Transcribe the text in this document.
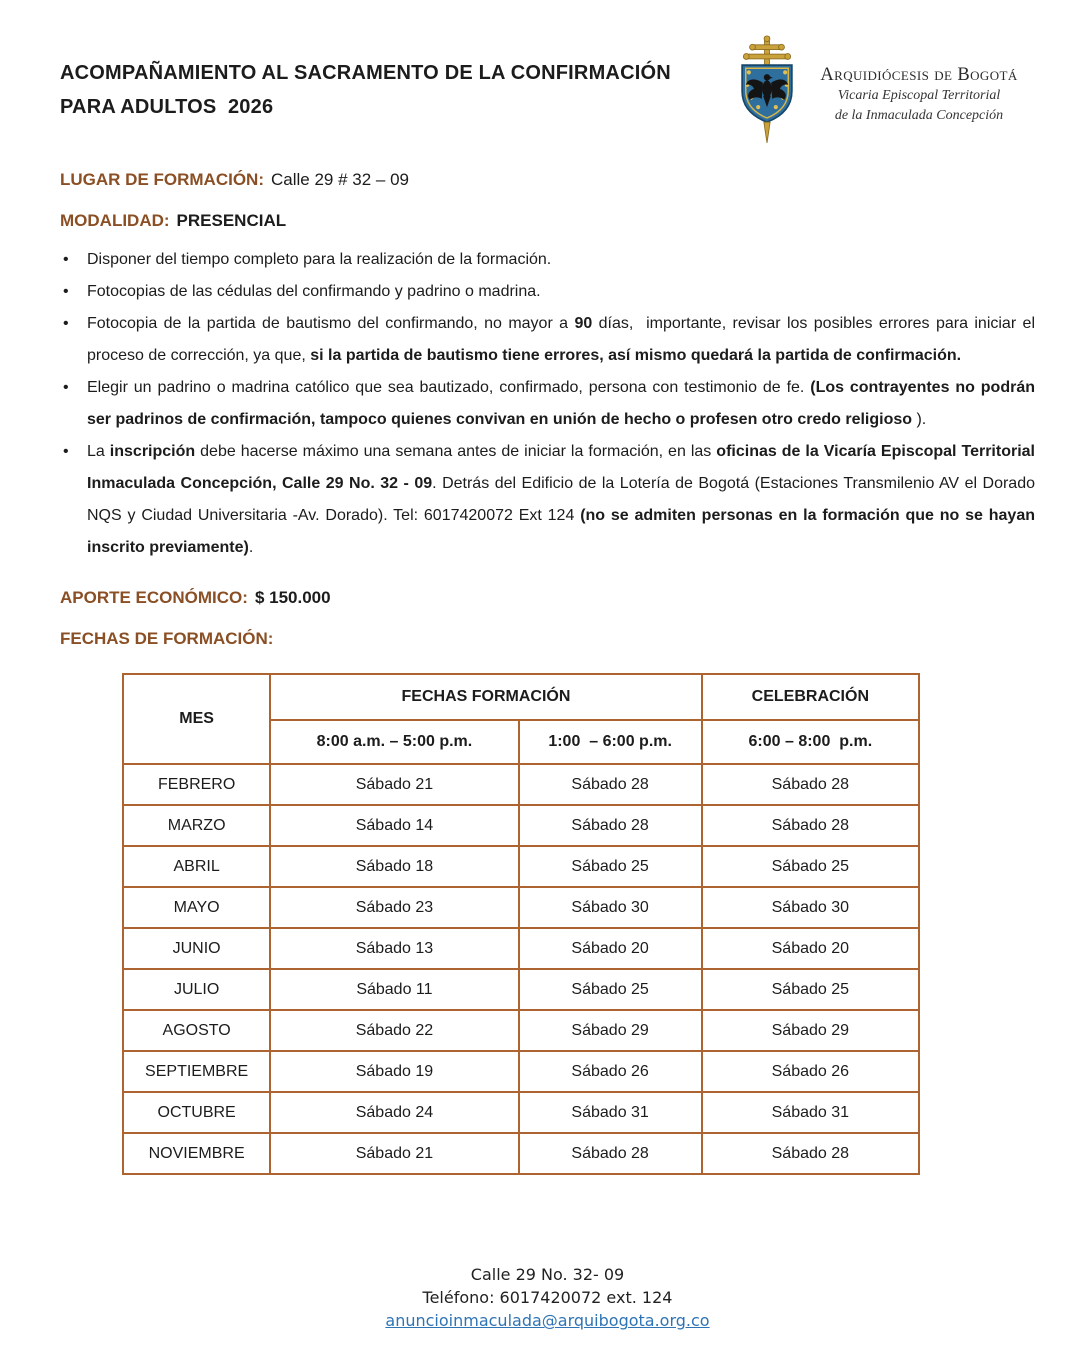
ACOMPAÑAMIENTO AL SACRAMENTO DE LA CONFIRMACIÓN
PARA ADULTOS  2026
Arquidiócesis de Bogotá
Vicaria Episcopal Territorial
de la Inmaculada Concepción
LUGAR DE FORMACIÓN: Calle 29 # 32 – 09
MODALIDAD: PRESENCIAL
• Disponer del tiempo completo para la realización de la formación.
• Fotocopias de las cédulas del confirmando y padrino o madrina.
• Fotocopia de la partida de bautismo del confirmando, no mayor a 90 días,  importante, revisar los posibles errores para iniciar el proceso de corrección, ya que, si la partida de bautismo tiene errores, así mismo quedará la partida de confirmación.
• Elegir un padrino o madrina católico que sea bautizado, confirmado, persona con testimonio de fe. (Los contrayentes no podrán ser padrinos de confirmación, tampoco quienes convivan en unión de hecho o profesen otro credo religioso ).
• La inscripción debe hacerse máximo una semana antes de iniciar la formación, en las oficinas de la Vicaría Episcopal Territorial Inmaculada Concepción, Calle 29 No. 32 - 09. Detrás del Edificio de la Lotería de Bogotá (Estaciones Transmilenio AV el Dorado NQS y Ciudad Universitaria -Av. Dorado). Tel: 6017420072 Ext 124 (no se admiten personas en la formación que no se hayan inscrito previamente).
APORTE ECONÓMICO: $ 150.000
FECHAS DE FORMACIÓN:
MES	FECHAS FORMACIÓN		CELEBRACIÓN
	8:00 a.m. – 5:00 p.m.	1:00  – 6:00 p.m.	6:00 – 8:00  p.m.
FEBRERO	Sábado 21	Sábado 28	Sábado 28
MARZO	Sábado 14	Sábado 28	Sábado 28
ABRIL	Sábado 18	Sábado 25	Sábado 25
MAYO	Sábado 23	Sábado 30	Sábado 30
JUNIO	Sábado 13	Sábado 20	Sábado 20
JULIO	Sábado 11	Sábado 25	Sábado 25
AGOSTO	Sábado 22	Sábado 29	Sábado 29
SEPTIEMBRE	Sábado 19	Sábado 26	Sábado 26
OCTUBRE	Sábado 24	Sábado 31	Sábado 31
NOVIEMBRE	Sábado 21	Sábado 28	Sábado 28
Calle 29 No. 32- 09
Teléfono: 6017420072 ext. 124
anuncioinmaculada@arquibogota.org.co
